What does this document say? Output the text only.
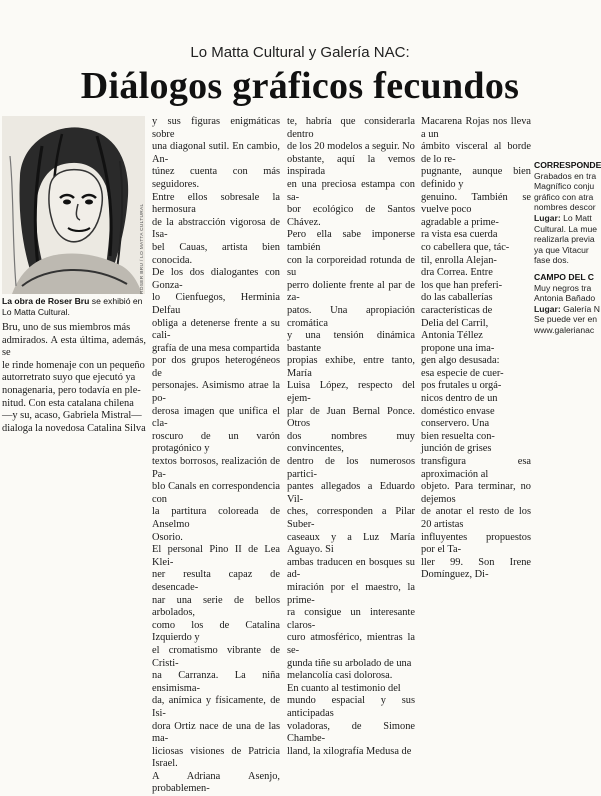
Lo Matta Cultural y Galería NAC:
Diálogos gráficos fecundos
ROSER BRU / LO MATTA CULTURAL
La obra de Roser Bru se exhibió en Lo Matta Cultural.
Bru, uno de sus miembros más
admirados. A esta última, además, se
le rinde homenaje con un pequeño
autorretrato suyo que ejecutó ya
nonagenaria, pero todavía en ple-
nitud. Con esta catalana chilena
—y su, acaso, Gabriela Mistral—
dialoga la novedosa Catalina Silva
y sus figuras enigmáticas sobre
una diagonal sutil. En cambio, An-
túnez cuenta con más seguidores.
Entre ellos sobresale la hermosura
de la abstracción vigorosa de Isa-
bel Cauas, artista bien conocida.
De los dos dialogantes con Gonza-
lo Cienfuegos, Herminia Delfau
obliga a detenerse frente a su cali-
grafía de una mesa compartida
por dos grupos heterogéneos de
personajes. Asimismo atrae la po-
derosa imagen que unifica el cla-
roscuro de un varón protagónico y
textos borrosos, realización de Pa-
blo Canals en correspondencia con
la partitura coloreada de Anselmo
Osorio.
El personal Pino II de Lea Klei-
ner resulta capaz de desencade-
nar una serie de bellos arbolados,
como los de Catalina Izquierdo y
el cromatismo vibrante de Cristi-
na Carranza. La niña ensimisma-
da, anímica y físicamente, de Isi-
dora Ortiz nace de una de las ma-
liciosas visiones de Patricia Israel.
A Adriana Asenjo, probablemen-
te, habría que considerarla dentro
de los 20 modelos a seguir. No
obstante, aquí la vemos inspirada
en una preciosa estampa con sa-
bor ecológico de Santos Chávez.
Pero ella sabe imponerse también
con la corporeidad rotunda de su
perro doliente frente al par de za-
patos. Una apropiación cromática
y una tensión dinámica bastante
propias exhibe, entre tanto, María
Luisa López, respecto del ejem-
plar de Juan Bernal Ponce. Otros
dos nombres muy convincentes,
dentro de los numerosos partici-
pantes allegados a Eduardo Vil-
ches, corresponden a Pilar Suber-
caseaux y a Luz María Aguayo. Si
ambas traducen en bosques su ad-
miración por el maestro, la prime-
ra consigue un interesante claros-
curo atmosférico, mientras la se-
gunda tiñe su arbolado de una
melancolía casi dolorosa.
En cuanto al testimonio del
mundo espacial y sus anticipadas
voladoras, de Simone Chambe-
lland, la xilografía Medusa de
Macarena Rojas nos lleva a un
ámbito visceral al borde de lo re-
pugnante, aunque bien definido y
genuino. También se vuelve poco
agradable a prime-
ra vista esa cuerda
co cabellera que, tác-
til, enrolla Alejan-
dra Correa. Entre
los que han preferi-
do las caballerías
características de
Delia del Carril,
Antonia Téllez
propone una ima-
gen algo desusada:
esa especie de cuer-
pos frutales u orgá-
nicos dentro de un
doméstico envase
conservero. Una
bien resuelta con-
junción de grises
transfigura esa aproximación al
objeto. Para terminar, no dejemos
de anotar el resto de los 20 artistas
influyentes propuestos por el Ta-
ller 99. Son Irene Domínguez, Di-
CORRESPONDE
Grabados en tra
Magnífico conju
gráfico con atra
nombres descor
Lugar: Lo Matt
Cultural. La mue
realizarla previa
ya que Vitacur
fase dos.
CAMPO DEL C
Muy negros tra
Antonia Bañado
Lugar: Galería N
Se puede ver en
www.galerianac
